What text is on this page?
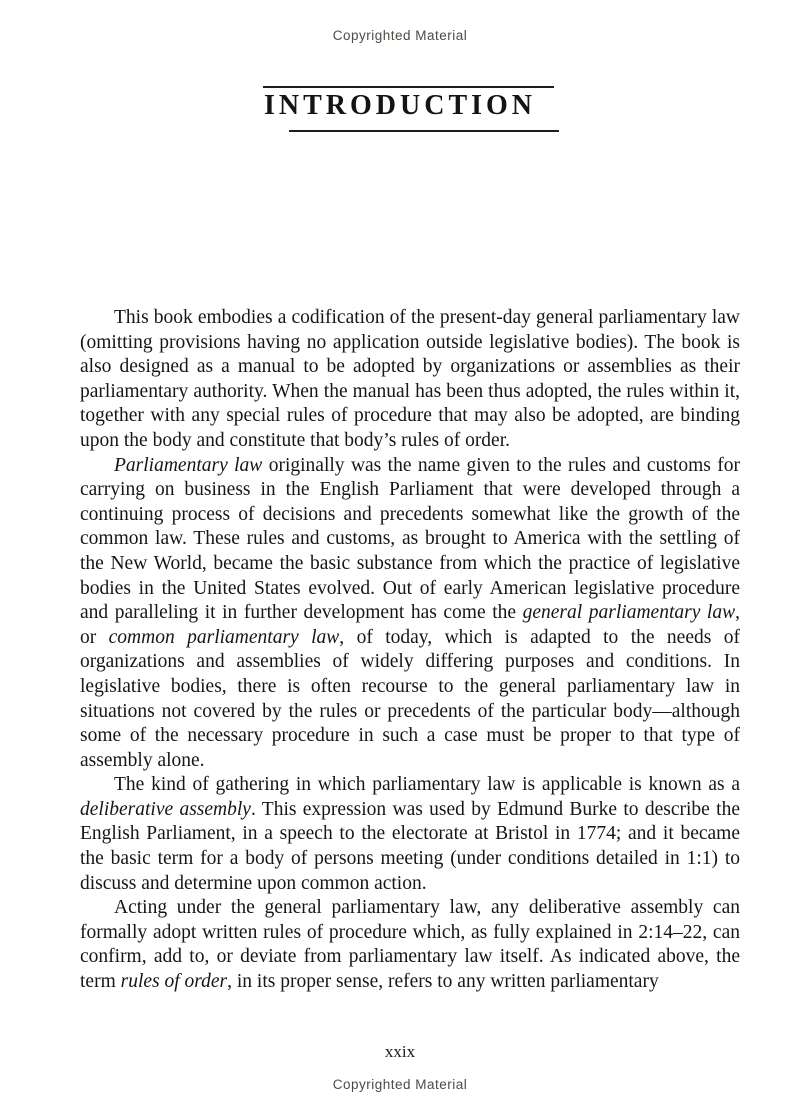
Copyrighted Material
INTRODUCTION

This book embodies a codification of the present-day general parliamentary law (omitting provisions having no application outside legislative bodies). The book is also designed as a manual to be adopted by organizations or assemblies as their parliamentary authority. When the manual has been thus adopted, the rules within it, together with any special rules of procedure that may also be adopted, are binding upon the body and constitute that body’s rules of order.

Parliamentary law originally was the name given to the rules and customs for carrying on business in the English Parliament that were developed through a continuing process of decisions and precedents somewhat like the growth of the common law. These rules and customs, as brought to America with the settling of the New World, became the basic substance from which the practice of legislative bodies in the United States evolved. Out of early American legislative procedure and paralleling it in further development has come the general parliamentary law, or common parliamentary law, of today, which is adapted to the needs of organizations and assemblies of widely differing purposes and conditions. In legislative bodies, there is often recourse to the general parliamentary law in situations not covered by the rules or precedents of the particular body—although some of the necessary procedure in such a case must be proper to that type of assembly alone.

The kind of gathering in which parliamentary law is applicable is known as a deliberative assembly. This expression was used by Edmund Burke to describe the English Parliament, in a speech to the electorate at Bristol in 1774; and it became the basic term for a body of persons meeting (under conditions detailed in 1:1) to discuss and determine upon common action.

Acting under the general parliamentary law, any deliberative assembly can formally adopt written rules of procedure which, as fully explained in 2:14–22, can confirm, add to, or deviate from parliamentary law itself. As indicated above, the term rules of order, in its proper sense, refers to any written parliamentary

xxix
Copyrighted Material
